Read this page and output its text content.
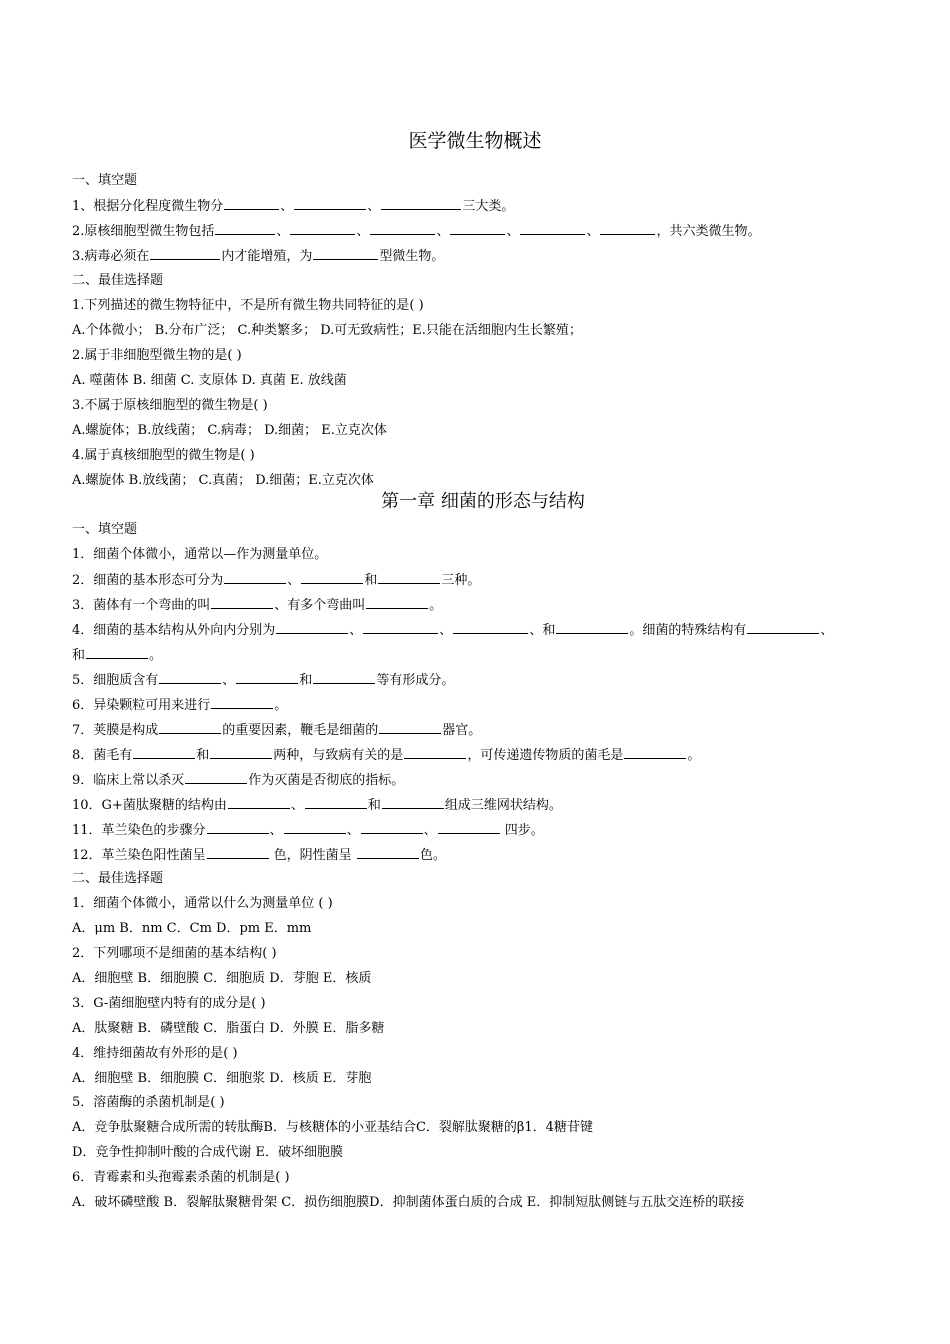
医学微生物概述
一、填空题
1、根据分化程度微生物分	、	、	三大类。
2.原核细胞型微生物包括	、	、	、	、	、	，共六类微生物。
3.病毒必须在	内才能增殖，为	型微生物。
二、最佳选择题
1.下列描述的微生物特征中，不是所有微生物共同特征的是( )
A.个体微小； B.分布广泛； C.种类繁多； D.可无致病性；E.只能在活细胞内生长繁殖；
2.属于非细胞型微生物的是( )
A. 噬菌体 B. 细菌 C. 支原体 D. 真菌 E. 放线菌
3.不属于原核细胞型的微生物是( )
A.螺旋体；B.放线菌； C.病毒； D.细菌； E.立克次体
4.属于真核细胞型的微生物是( )
A.螺旋体 B.放线菌； C.真菌； D.细菌；E.立克次体
第一章 细菌的形态与结构
一、填空题
1．细菌个体微小，通常以—作为测量单位。
2．细菌的基本形态可分为	、	和	三种。
3．菌体有一个弯曲的叫	、有多个弯曲叫	。
4．细菌的基本结构从外向内分别为	、	、	、和	。细菌的特殊结构有	、
和	。
5．细胞质含有	、	和	等有形成分。
6．异染颗粒可用来进行	。
7．荚膜是构成	的重要因素，鞭毛是细菌的	器官。
8．菌毛有	和	两种，与致病有关的是	，可传递遗传物质的菌毛是	。
9．临床上常以杀灭	作为灭菌是否彻底的指标。
10．G+菌肽聚糖的结构由	、	和	组成三维网状结构。
11．革兰染色的步骤分	、	、	、	四步。
12．革兰染色阳性菌呈	色，阴性菌呈	色。
二、最佳选择题
1．细菌个体微小，通常以什么为测量单位 ( )
A．μm B．nm C．Cm D．pm E．mm
2．下列哪项不是细菌的基本结构( )
A．细胞壁 B．细胞膜 C．细胞质 D．芽胞 E．核质
3．G-菌细胞壁内特有的成分是( )
A．肽聚糖 B．磷壁酸 C．脂蛋白 D．外膜 E．脂多糖
4．维持细菌故有外形的是( )
A．细胞壁 B．细胞膜 C．细胞浆 D．核质 E．芽胞
5．溶菌酶的杀菌机制是( )
A．竞争肽聚糖合成所需的转肽酶B．与核糖体的小亚基结合C．裂解肽聚糖的β1．4糖苷键
D．竞争性抑制叶酸的合成代谢 E．破坏细胞膜
6．青霉素和头孢霉素杀菌的机制是( )
A．破坏磷壁酸 B．裂解肽聚糖骨架 C．损伤细胞膜D．抑制菌体蛋白质的合成 E．抑制短肽侧链与五肽交连桥的联接
